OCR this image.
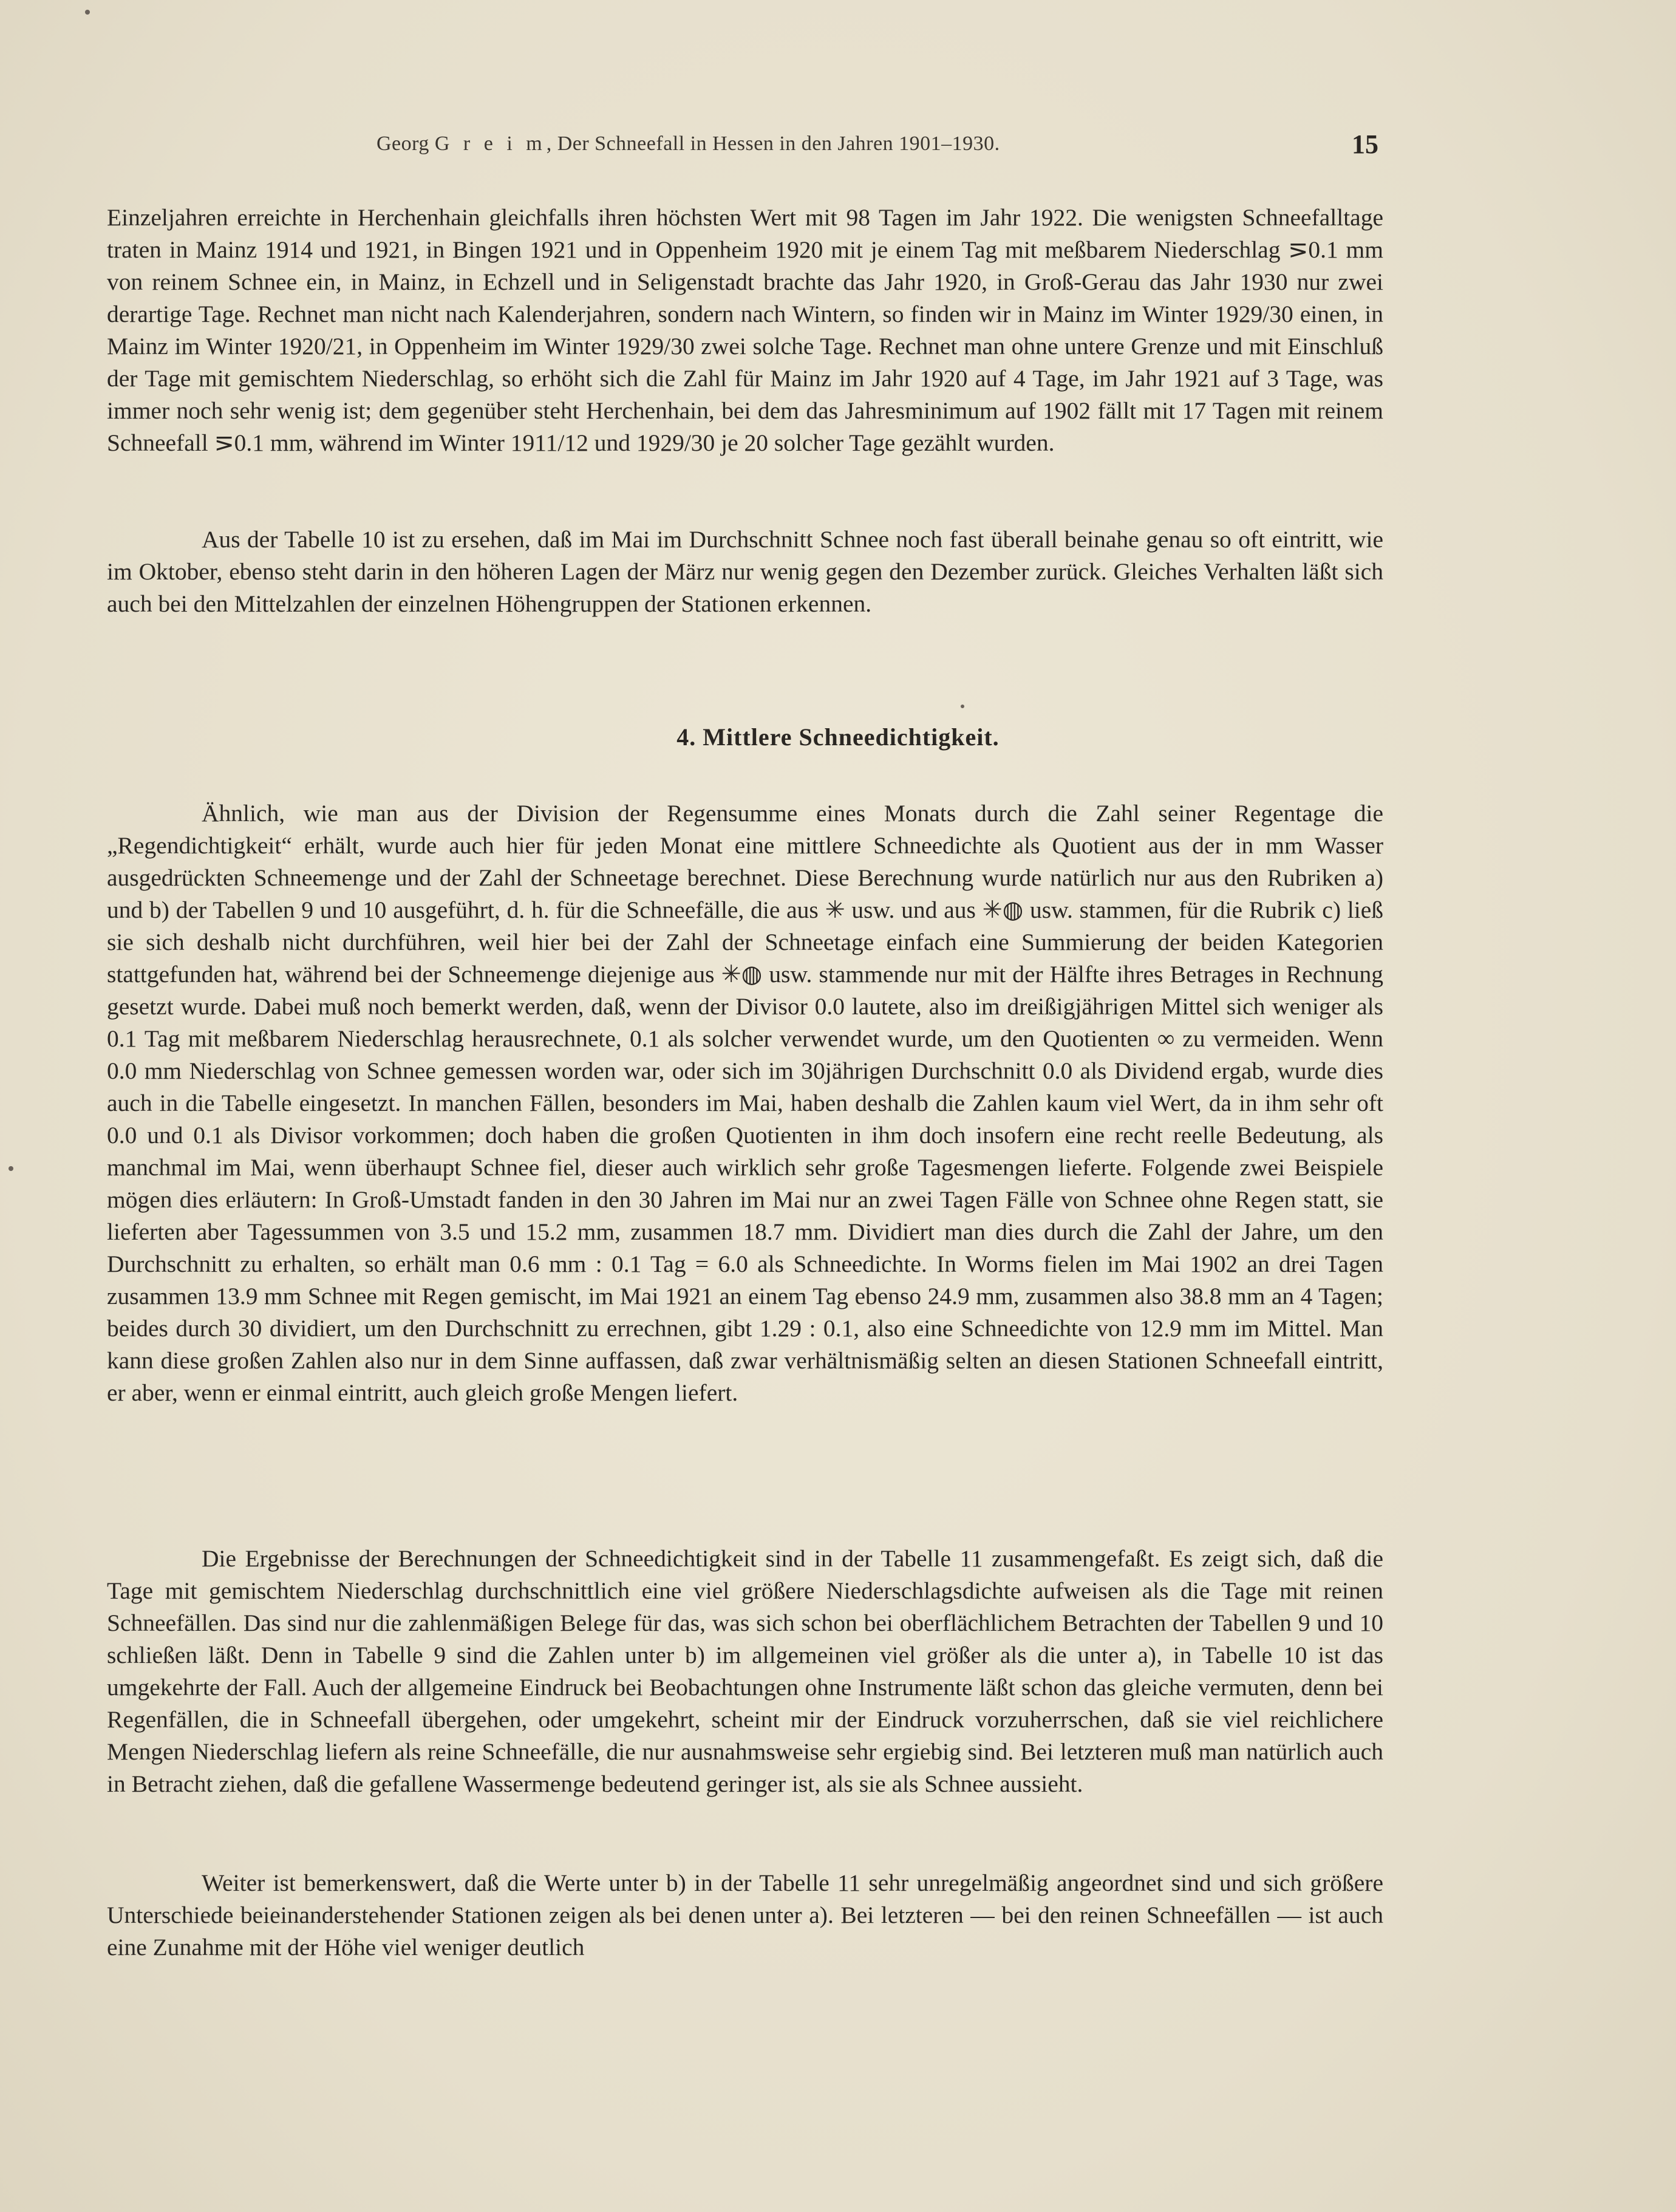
Georg G r e i m, Der Schneefall in Hessen in den Jahren 1901–1930.	15

Einzeljahren erreichte in Herchenhain gleichfalls ihren höchsten Wert mit 98 Tagen im Jahr 1922. Die wenigsten Schneefalltage traten in Mainz 1914 und 1921, in Bingen 1921 und in Oppenheim 1920 mit je einem Tag mit meßbarem Niederschlag ⋝0.1 mm von reinem Schnee ein, in Mainz, in Echzell und in Seligenstadt brachte das Jahr 1920, in Groß-Gerau das Jahr 1930 nur zwei derartige Tage. Rechnet man nicht nach Kalenderjahren, sondern nach Wintern, so finden wir in Mainz im Winter 1929/30 einen, in Mainz im Winter 1920/21, in Oppenheim im Winter 1929/30 zwei solche Tage. Rechnet man ohne untere Grenze und mit Einschluß der Tage mit gemischtem Niederschlag, so erhöht sich die Zahl für Mainz im Jahr 1920 auf 4 Tage, im Jahr 1921 auf 3 Tage, was immer noch sehr wenig ist; dem gegenüber steht Herchenhain, bei dem das Jahresminimum auf 1902 fällt mit 17 Tagen mit reinem Schneefall ⋝0.1 mm, während im Winter 1911/12 und 1929/30 je 20 solcher Tage gezählt wurden.

Aus der Tabelle 10 ist zu ersehen, daß im Mai im Durchschnitt Schnee noch fast überall beinahe genau so oft eintritt, wie im Oktober, ebenso steht darin in den höheren Lagen der März nur wenig gegen den Dezember zurück. Gleiches Verhalten läßt sich auch bei den Mittelzahlen der einzelnen Höhengruppen der Stationen erkennen.

4. Mittlere Schneedichtigkeit.

Ähnlich, wie man aus der Division der Regensumme eines Monats durch die Zahl seiner Regentage die „Regendichtigkeit“ erhält, wurde auch hier für jeden Monat eine mittlere Schneedichte als Quotient aus der in mm Wasser ausgedrückten Schneemenge und der Zahl der Schneetage berechnet. Diese Berechnung wurde natürlich nur aus den Rubriken a) und b) der Tabellen 9 und 10 ausgeführt, d. h. für die Schneefälle, die aus ✳ usw. und aus ✳◍ usw. stammen, für die Rubrik c) ließ sie sich deshalb nicht durchführen, weil hier bei der Zahl der Schneetage einfach eine Summierung der beiden Kategorien stattgefunden hat, während bei der Schneemenge diejenige aus ✳◍ usw. stammende nur mit der Hälfte ihres Betrages in Rechnung gesetzt wurde. Dabei muß noch bemerkt werden, daß, wenn der Divisor 0.0 lautete, also im dreißigjährigen Mittel sich weniger als 0.1 Tag mit meßbarem Niederschlag herausrechnete, 0.1 als solcher verwendet wurde, um den Quotienten ∞ zu vermeiden. Wenn 0.0 mm Niederschlag von Schnee gemessen worden war, oder sich im 30jährigen Durchschnitt 0.0 als Dividend ergab, wurde dies auch in die Tabelle eingesetzt. In manchen Fällen, besonders im Mai, haben deshalb die Zahlen kaum viel Wert, da in ihm sehr oft 0.0 und 0.1 als Divisor vorkommen; doch haben die großen Quotienten in ihm doch insofern eine recht reelle Bedeutung, als manchmal im Mai, wenn überhaupt Schnee fiel, dieser auch wirklich sehr große Tagesmengen lieferte. Folgende zwei Beispiele mögen dies erläutern: In Groß-Umstadt fanden in den 30 Jahren im Mai nur an zwei Tagen Fälle von Schnee ohne Regen statt, sie lieferten aber Tagessummen von 3.5 und 15.2 mm, zusammen 18.7 mm. Dividiert man dies durch die Zahl der Jahre, um den Durchschnitt zu erhalten, so erhält man 0.6 mm : 0.1 Tag = 6.0 als Schneedichte. In Worms fielen im Mai 1902 an drei Tagen zusammen 13.9 mm Schnee mit Regen gemischt, im Mai 1921 an einem Tag ebenso 24.9 mm, zusammen also 38.8 mm an 4 Tagen; beides durch 30 dividiert, um den Durchschnitt zu errechnen, gibt 1.29 : 0.1, also eine Schneedichte von 12.9 mm im Mittel. Man kann diese großen Zahlen also nur in dem Sinne auffassen, daß zwar verhältnismäßig selten an diesen Stationen Schneefall eintritt, er aber, wenn er einmal eintritt, auch gleich große Mengen liefert.

Die Ergebnisse der Berechnungen der Schneedichtigkeit sind in der Tabelle 11 zusammengefaßt. Es zeigt sich, daß die Tage mit gemischtem Niederschlag durchschnittlich eine viel größere Niederschlagsdichte aufweisen als die Tage mit reinen Schneefällen. Das sind nur die zahlenmäßigen Belege für das, was sich schon bei oberflächlichem Betrachten der Tabellen 9 und 10 schließen läßt. Denn in Tabelle 9 sind die Zahlen unter b) im allgemeinen viel größer als die unter a), in Tabelle 10 ist das umgekehrte der Fall. Auch der allgemeine Eindruck bei Beobachtungen ohne Instrumente läßt schon das gleiche vermuten, denn bei Regenfällen, die in Schneefall übergehen, oder umgekehrt, scheint mir der Eindruck vorzuherrschen, daß sie viel reichlichere Mengen Niederschlag liefern als reine Schneefälle, die nur ausnahmsweise sehr ergiebig sind. Bei letzteren muß man natürlich auch in Betracht ziehen, daß die gefallene Wassermenge bedeutend geringer ist, als sie als Schnee aussieht.

Weiter ist bemerkenswert, daß die Werte unter b) in der Tabelle 11 sehr unregelmäßig angeordnet sind und sich größere Unterschiede beieinanderstehender Stationen zeigen als bei denen unter a). Bei letzteren — bei den reinen Schneefällen — ist auch eine Zunahme mit der Höhe viel weniger deutlich
